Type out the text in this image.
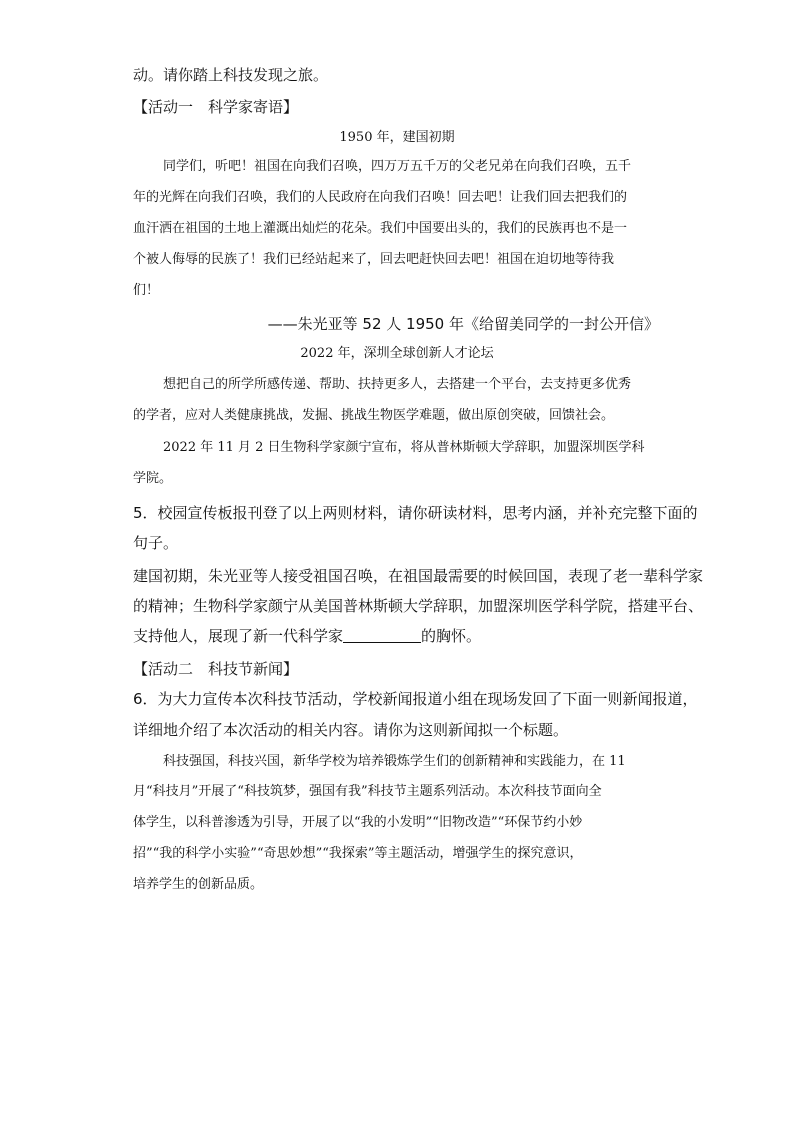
动。请你踏上科技发现之旅。
【活动一　科学家寄语】
1950 年，建国初期
同学们，听吧！祖国在向我们召唤，四万万五千万的父老兄弟在向我们召唤，五千
年的光辉在向我们召唤，我们的人民政府在向我们召唤！回去吧！让我们回去把我们的
血汗洒在祖国的土地上灌溉出灿烂的花朵。我们中国要出头的，我们的民族再也不是一
个被人侮辱的民族了！我们已经站起来了，回去吧赶快回去吧！祖国在迫切地等待我
们！
——朱光亚等 52 人 1950 年《给留美同学的一封公开信》
2022 年，深圳全球创新人才论坛
想把自己的所学所感传递、帮助、扶持更多人，去搭建一个平台，去支持更多优秀
的学者，应对人类健康挑战，发掘、挑战生物医学难题，做出原创突破，回馈社会。
2022 年 11 月 2 日生物科学家颜宁宣布，将从普林斯顿大学辞职，加盟深圳医学科
学院。
5．校园宣传板报刊登了以上两则材料，请你研读材料，思考内涵，并补充完整下面的
句子。
建国初期，朱光亚等人接受祖国召唤，在祖国最需要的时候回国，表现了老一辈科学家
的精神；生物科学家颜宁从美国普林斯顿大学辞职，加盟深圳医学科学院，搭建平台、
支持他人，展现了新一代科学家	的胸怀。
【活动二　科技节新闻】
6．为大力宣传本次科技节活动，学校新闻报道小组在现场发回了下面一则新闻报道，
详细地介绍了本次活动的相关内容。请你为这则新闻拟一个标题。
科技强国，科技兴国，新华学校为培养锻炼学生们的创新精神和实践能力，在 11
月“科技月”开展了“科技筑梦，强国有我”科技节主题系列活动。本次科技节面向全
体学生，以科普渗透为引导，开展了以“我的小发明”“旧物改造”“环保节约小妙
招”“我的科学小实验”“奇思妙想”“我探索”等主题活动，增强学生的探究意识，
培养学生的创新品质。
